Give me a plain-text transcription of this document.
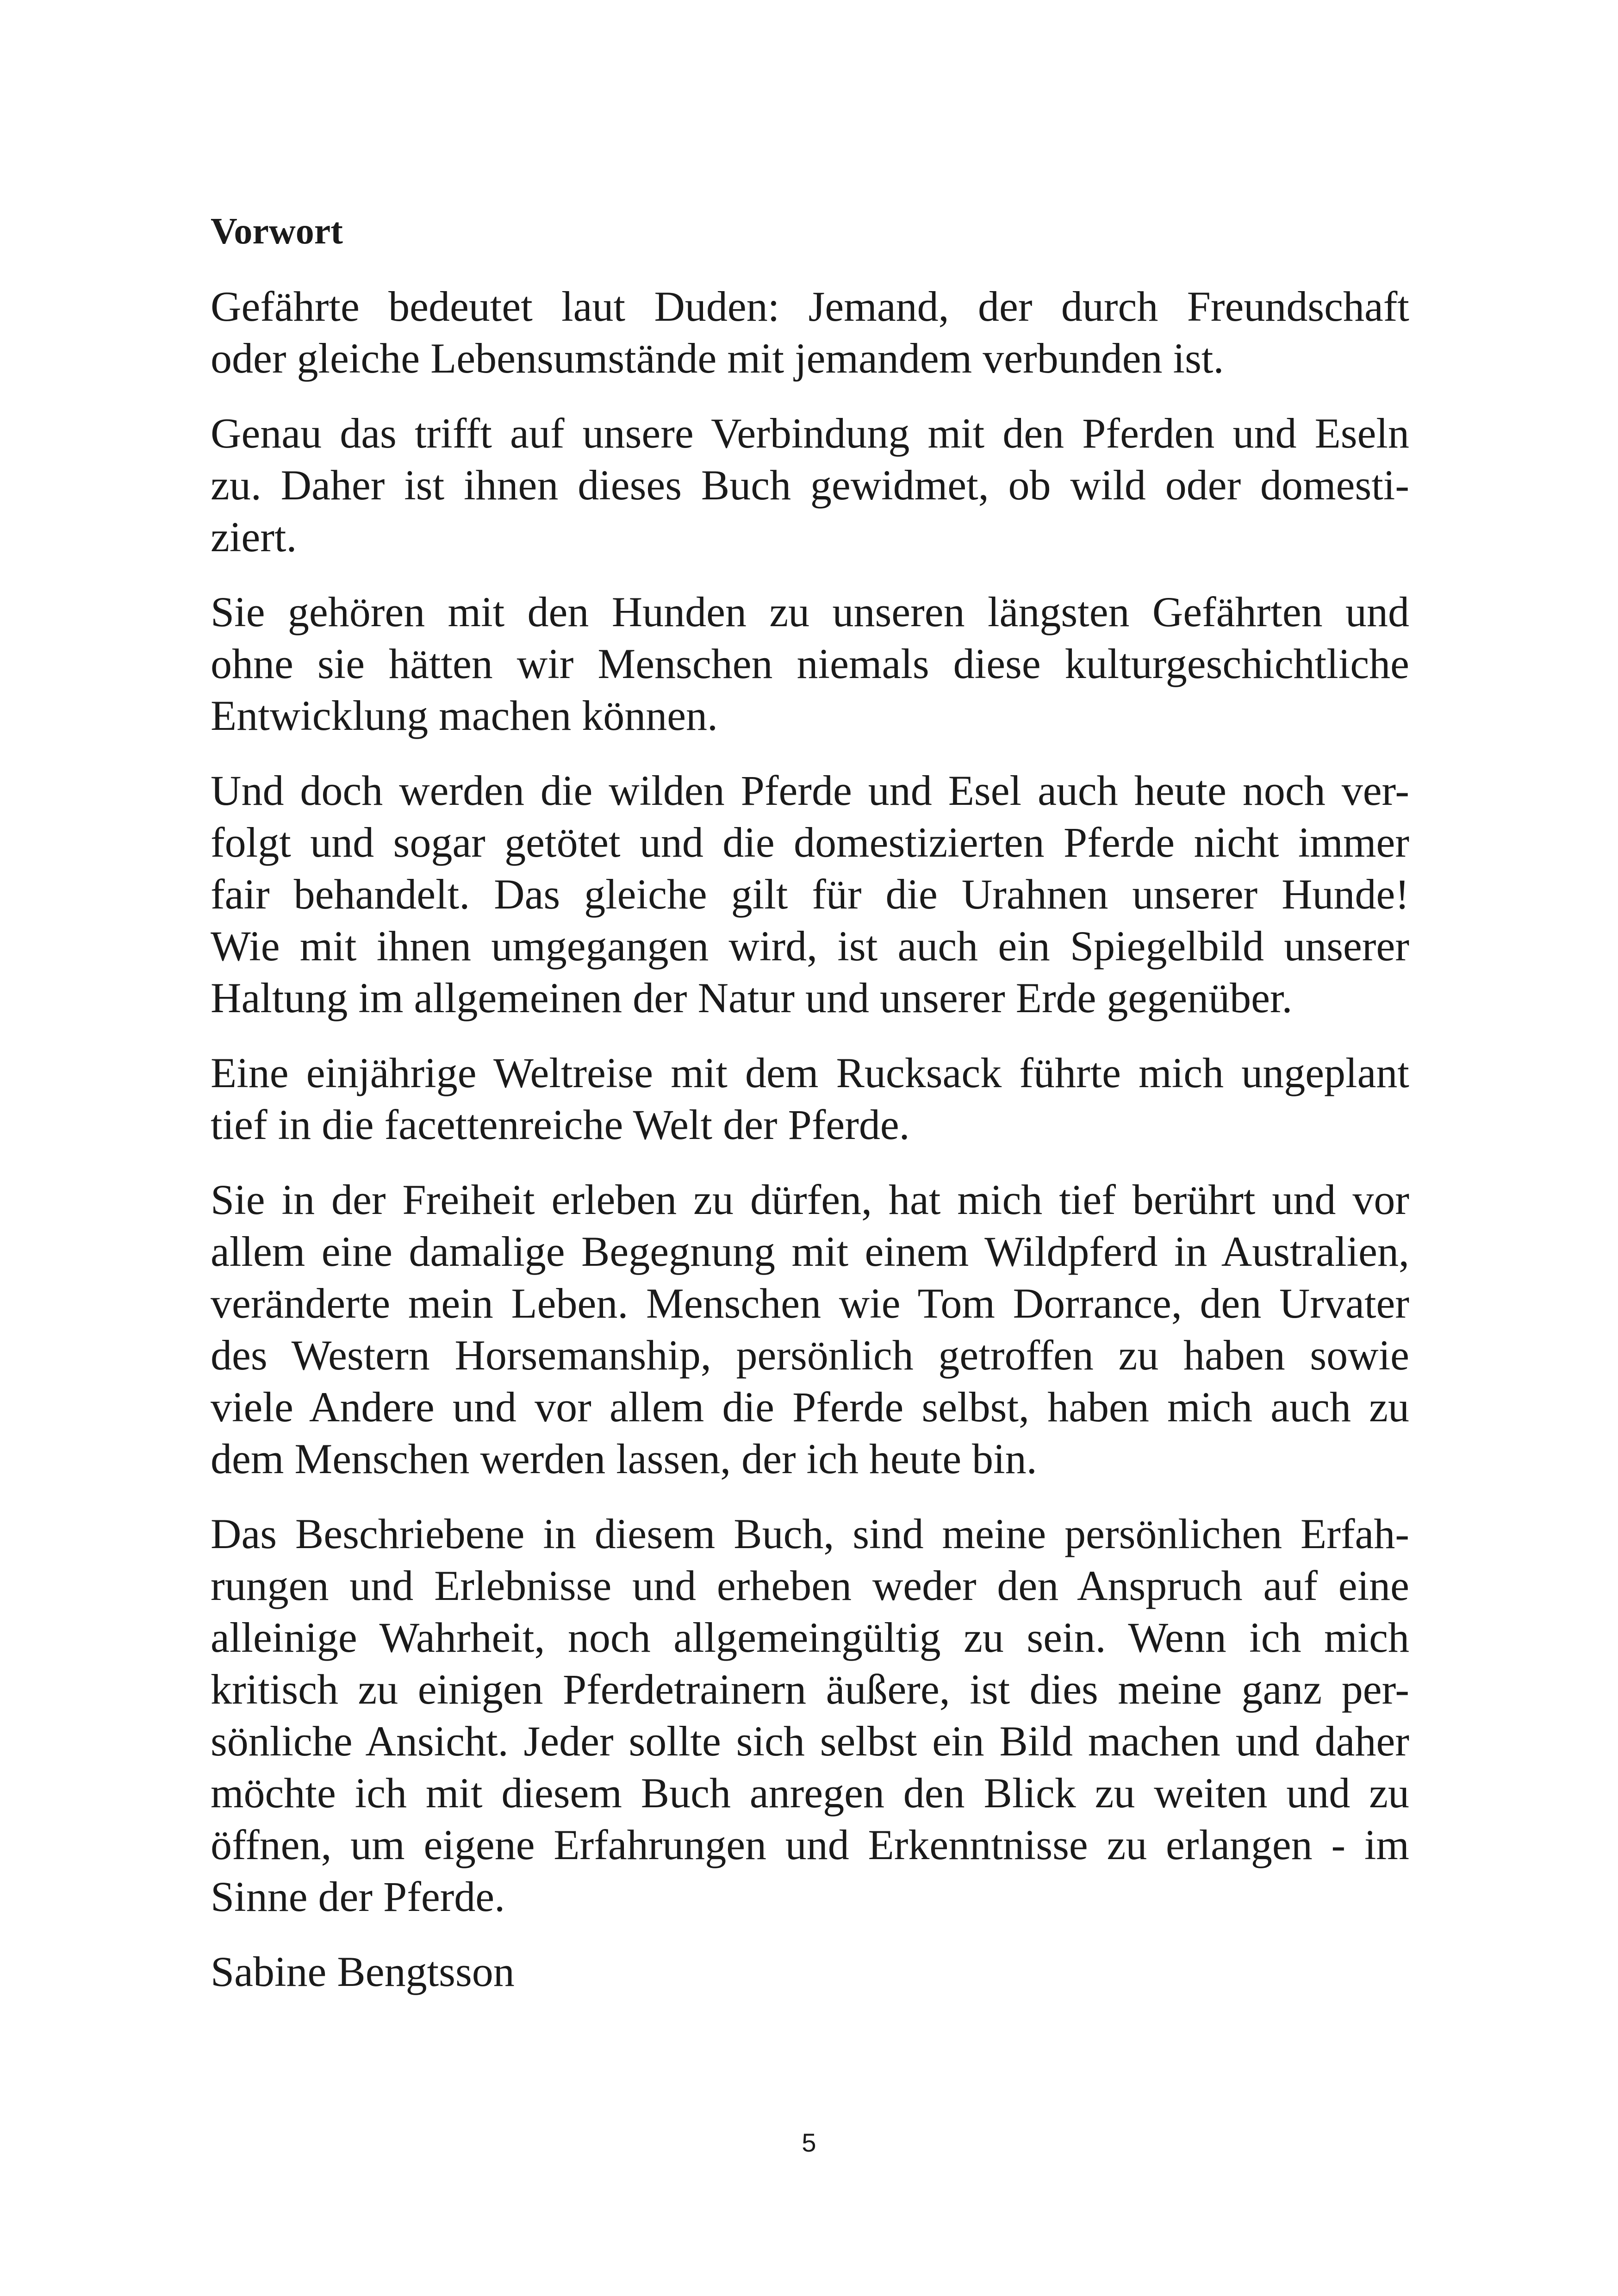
Vorwort
Gefährte bedeutet laut Duden: Jemand, der durch Freundschaft
oder gleiche Lebensumstände mit jemandem verbunden ist.
Genau das trifft auf unsere Verbindung mit den Pferden und Eseln
zu. Daher ist ihnen dieses Buch gewidmet, ob wild oder domesti-
ziert.
Sie gehören mit den Hunden zu unseren längsten Gefährten und
ohne sie hätten wir Menschen niemals diese kulturgeschichtliche
Entwicklung machen können.
Und doch werden die wilden Pferde und Esel auch heute noch ver-
folgt und sogar getötet und die domestizierten Pferde nicht immer
fair behandelt. Das gleiche gilt für die Urahnen unserer Hunde!
Wie mit ihnen umgegangen wird, ist auch ein Spiegelbild unserer
Haltung im allgemeinen der Natur und unserer Erde gegenüber.
Eine einjährige Weltreise mit dem Rucksack führte mich ungeplant
tief in die facettenreiche Welt der Pferde.
Sie in der Freiheit erleben zu dürfen, hat mich tief berührt und vor
allem eine damalige Begegnung mit einem Wildpferd in Australien,
veränderte mein Leben. Menschen wie Tom Dorrance, den Urvater
des Western Horsemanship, persönlich getroffen zu haben sowie
viele Andere und vor allem die Pferde selbst, haben mich auch zu
dem Menschen werden lassen, der ich heute bin.
Das Beschriebene in diesem Buch, sind meine persönlichen Erfah-
rungen und Erlebnisse und erheben weder den Anspruch auf eine
alleinige Wahrheit, noch allgemeingültig zu sein. Wenn ich mich
kritisch zu einigen Pferdetrainern äußere, ist dies meine ganz per-
sönliche Ansicht. Jeder sollte sich selbst ein Bild machen und daher
möchte ich mit diesem Buch anregen den Blick zu weiten und zu
öffnen, um eigene Erfahrungen und Erkenntnisse zu erlangen - im
Sinne der Pferde.
Sabine Bengtsson
5
